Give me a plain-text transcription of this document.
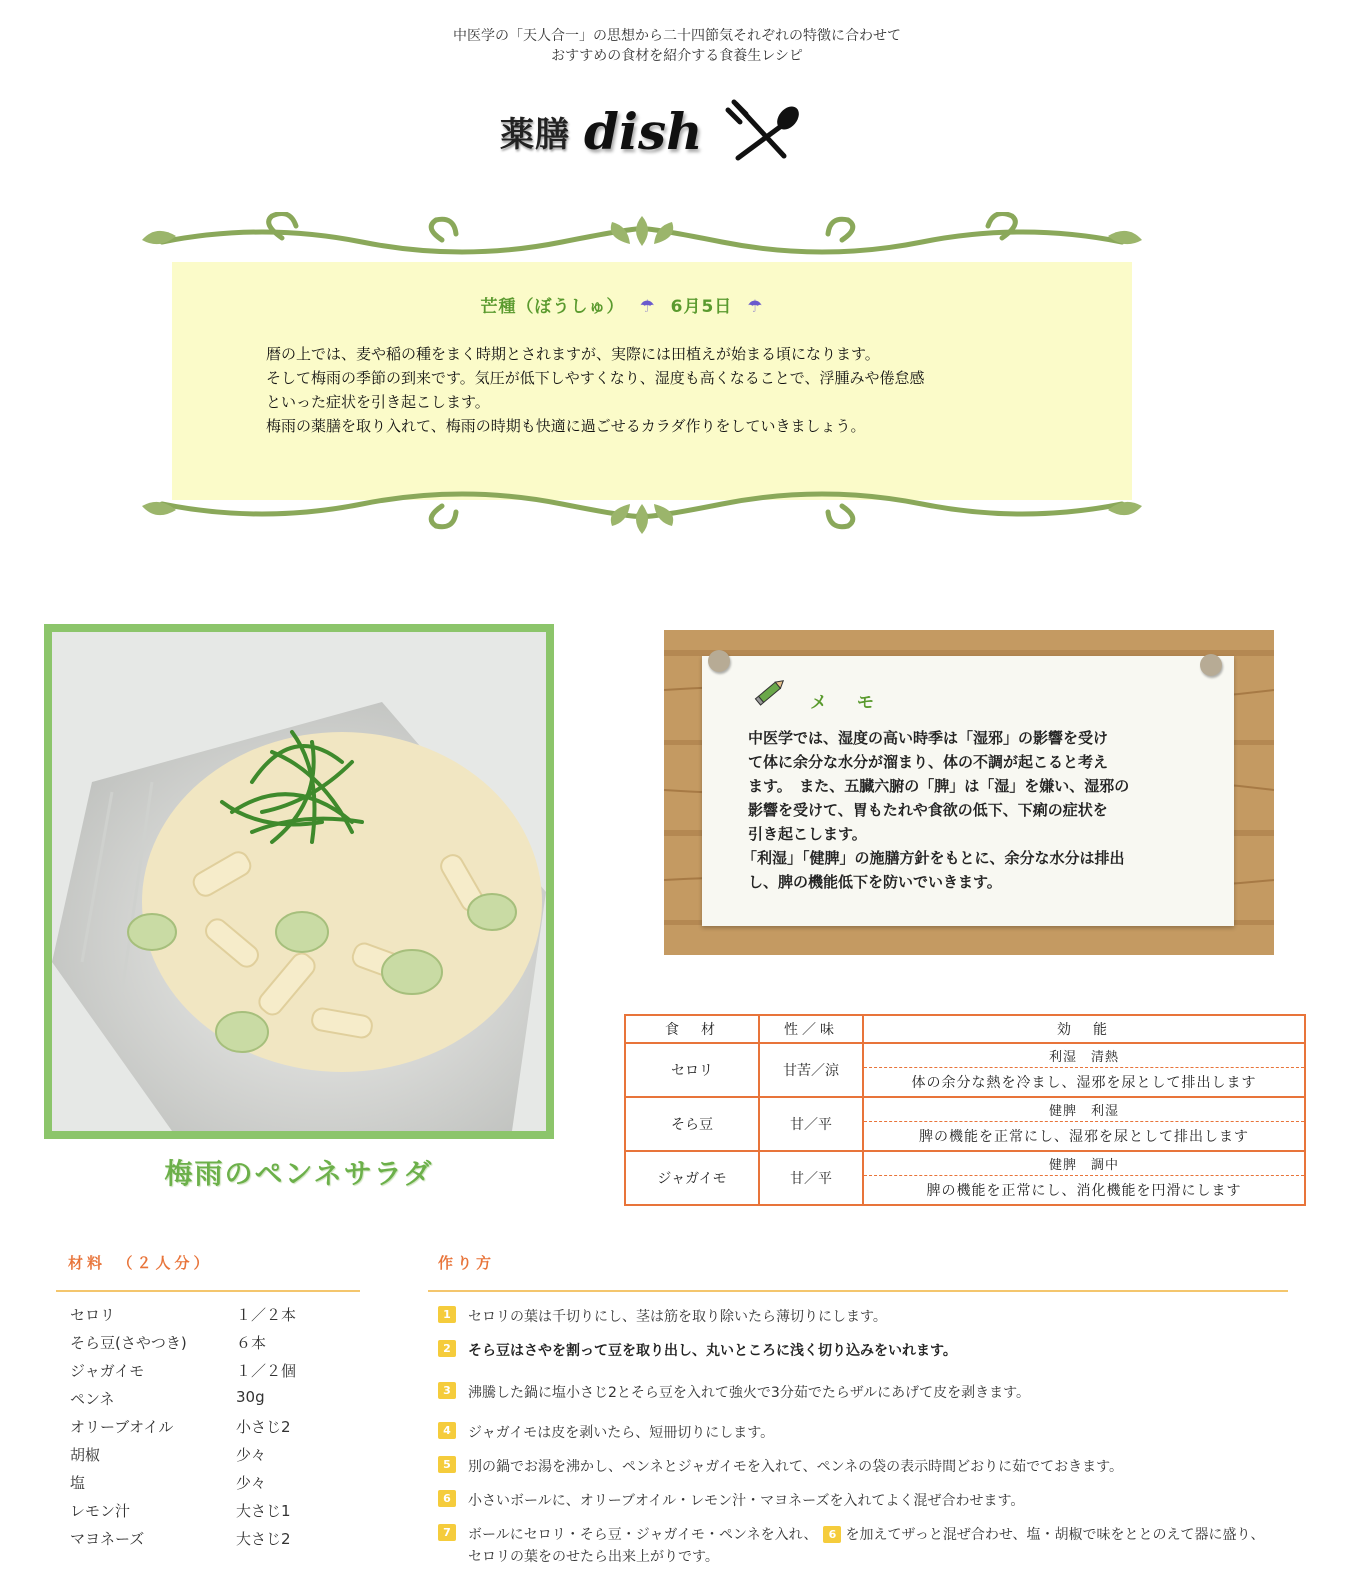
中医学の「天人合一」の思想から二十四節気それぞれの特徴に合わせて
おすすめの食材を紹介する食養生レシピ
薬膳 dish
芒種（ぼうしゅ） ☂ 6月5日 ☂
暦の上では、麦や稲の種をまく時期とされますが、実際には田植えが始まる頃になります。
そして梅雨の季節の到来です。気圧が低下しやすくなり、湿度も高くなることで、浮腫みや倦怠感
といった症状を引き起こします。
梅雨の薬膳を取り入れて、梅雨の時期も快適に過ごせるカラダ作りをしていきましょう。
梅雨のペンネサラダ
メ モ
中医学では、湿度の高い時季は「湿邪」の影響を受け
て体に余分な水分が溜まり、体の不調が起こると考え
ます。　また、五臓六腑の「脾」は「湿」を嫌い、湿邪の
影響を受けて、胃もたれや食欲の低下、下痢の症状を
引き起こします。
「利湿」「健脾」の施膳方針をもとに、余分な水分は排出
し、脾の機能低下を防いでいきます。
食　材	性／味	効　能
セロリ	甘苦／涼	利湿　清熱
体の余分な熱を冷まし、湿邪を尿として排出します

そら豆	甘／平	健脾　利湿
脾の機能を正常にし、湿邪を尿として排出します

ジャガイモ	甘／平	健脾　調中
脾の機能を正常にし、消化機能を円滑にします
材料　（２人分）
セロリ	１／２本
そら豆(さやつき)	６本
ジャガイモ	１／２個
ペンネ	30g
オリーブオイル	小さじ2
胡椒	少々
塩	少々
レモン汁	大さじ1
マヨネーズ	大さじ2
作り方
1	セロリの葉は千切りにし、茎は筋を取り除いたら薄切りにします。
2	そら豆はさやを割って豆を取り出し、丸いところに浅く切り込みをいれます。
3	沸騰した鍋に塩小さじ2とそら豆を入れて強火で3分茹でたらザルにあげて皮を剥きます。
4	ジャガイモは皮を剥いたら、短冊切りにします。
5	別の鍋でお湯を沸かし、ペンネとジャガイモを入れて、ペンネの袋の表示時間どおりに茹でておきます。
6	小さいボールに、オリーブオイル・レモン汁・マヨネーズを入れてよく混ぜ合わせます。
7	ボールにセロリ・そら豆・ジャガイモ・ペンネを入れ、 6 を加えてザっと混ぜ合わせ、塩・胡椒で味をととのえて器に盛り、
セロリの葉をのせたら出来上がりです。
